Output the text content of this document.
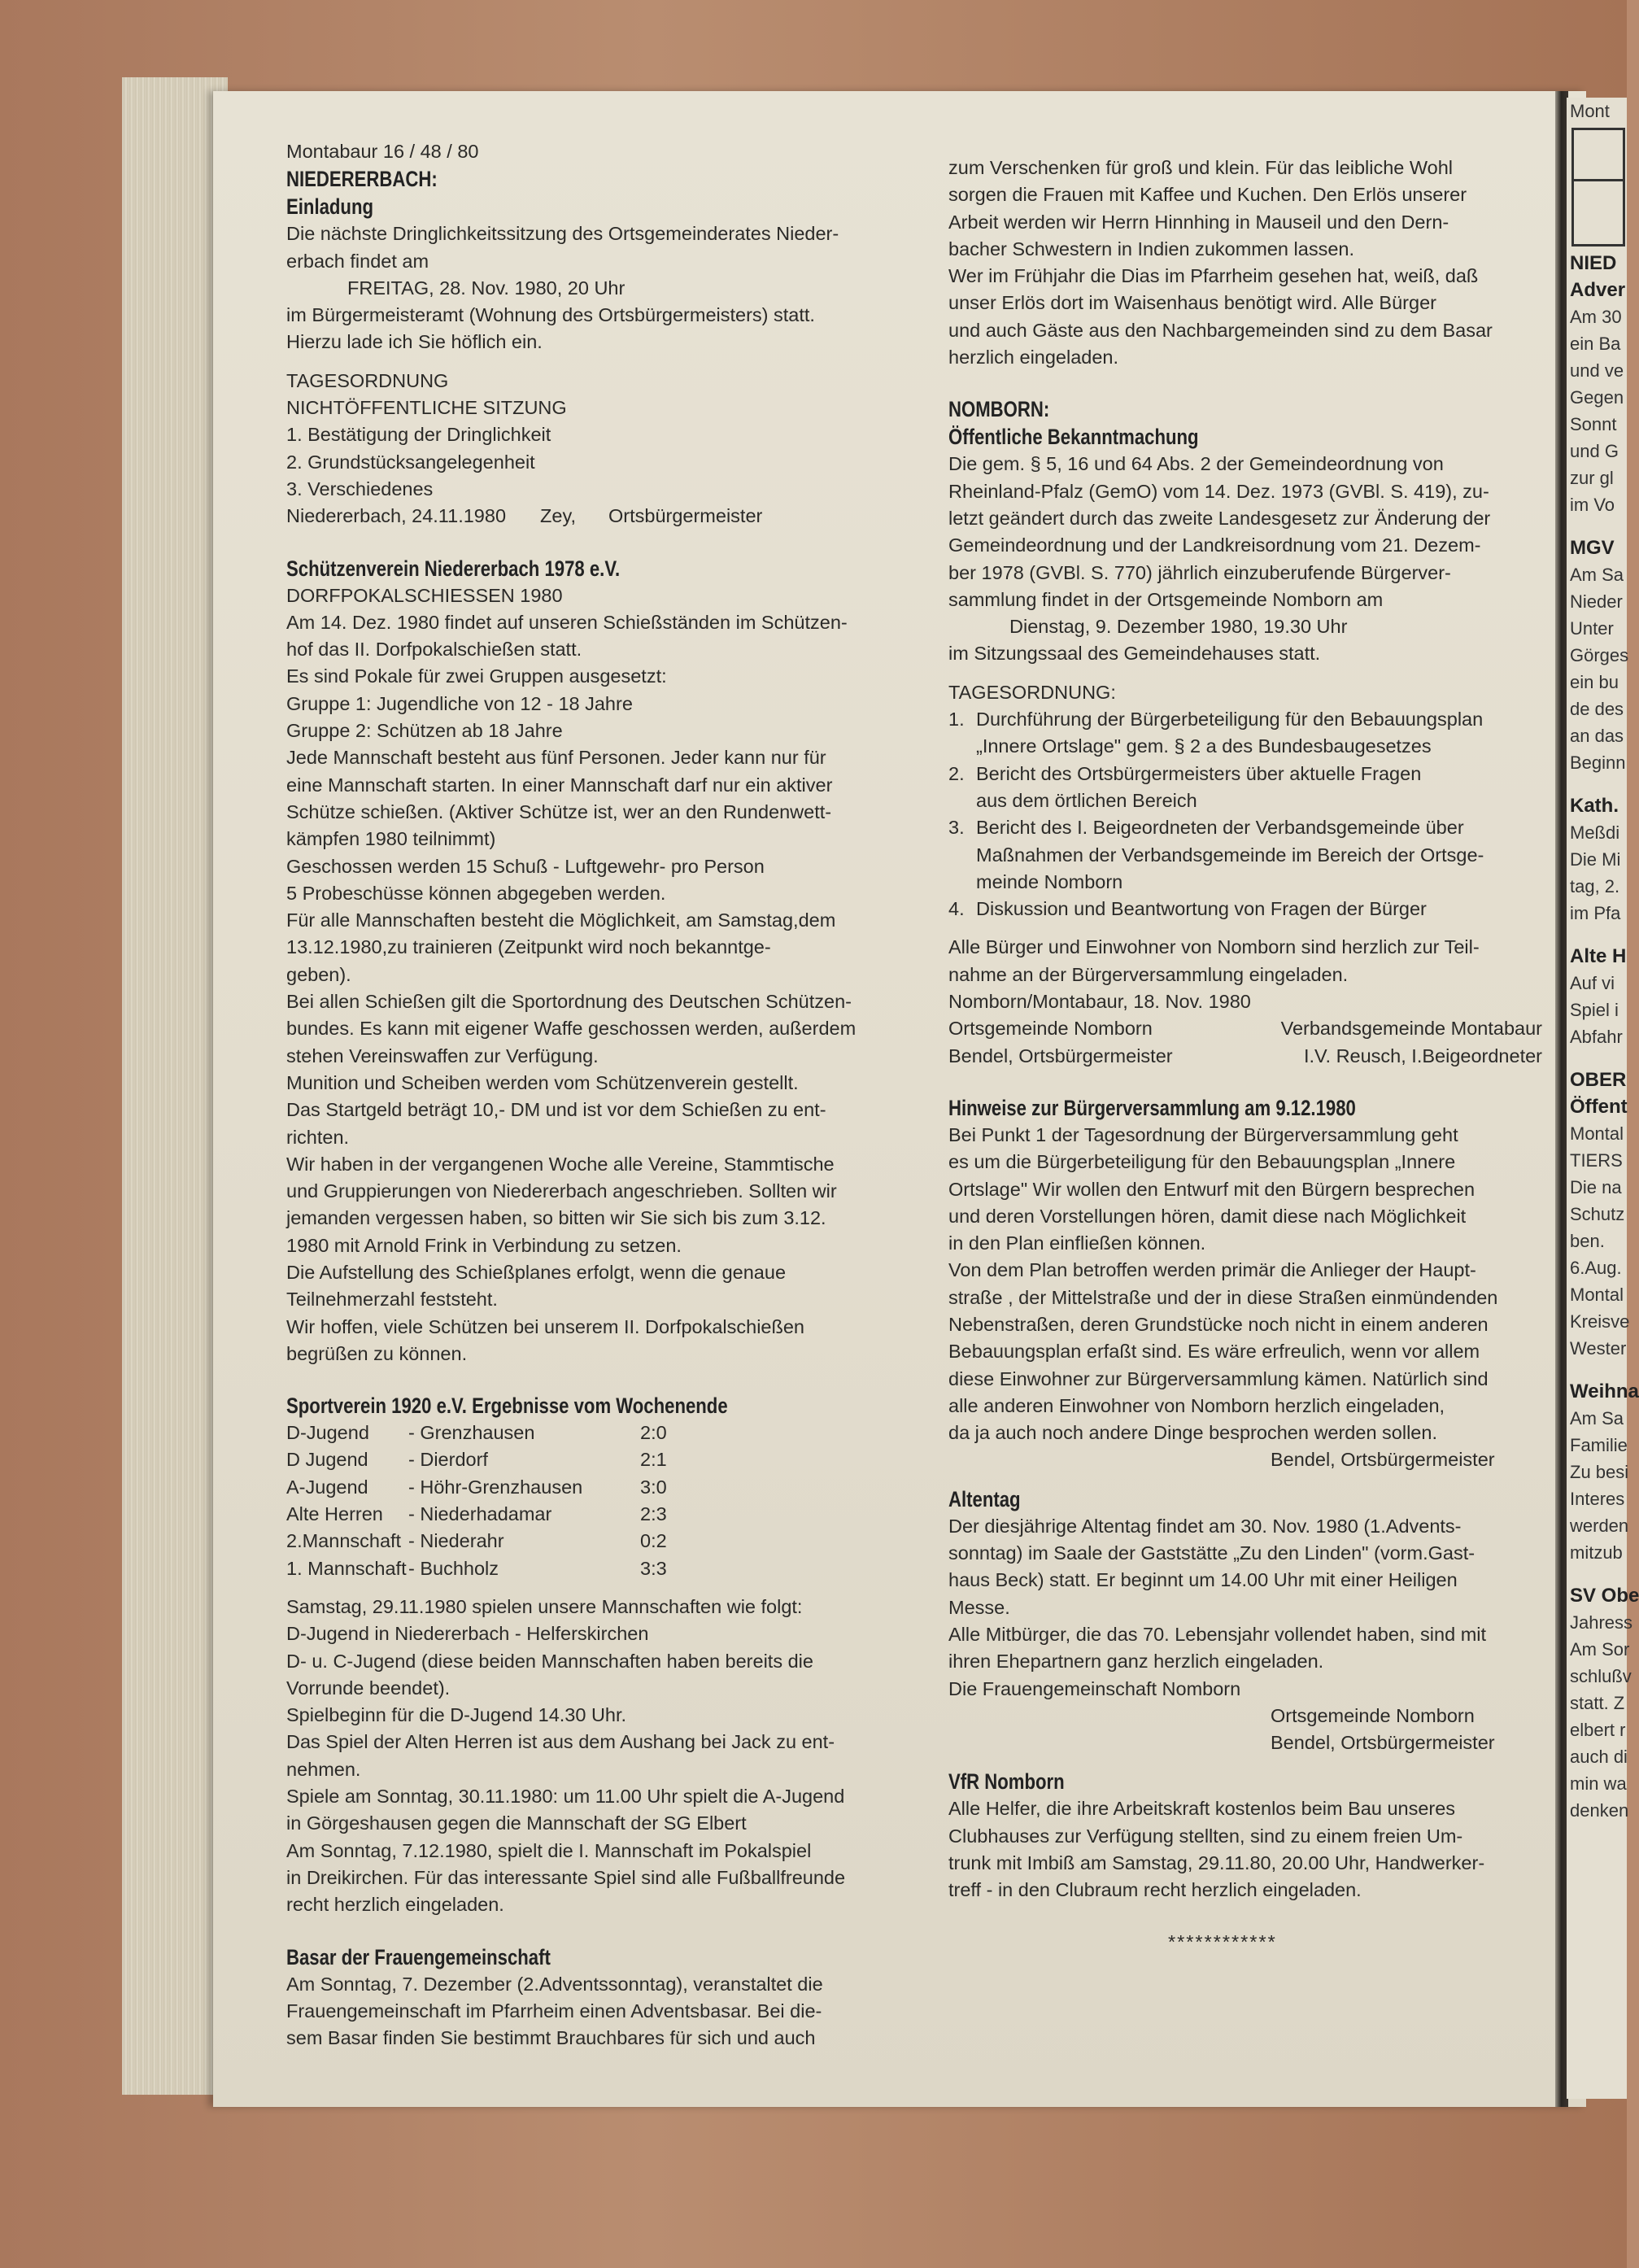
Mont
NIED
Adver
Am 30
ein Ba
und ve
Gegen
Sonnt
und G
zur gl
im Vo
MGV
Am Sa
Nieder
Unter
Görges
ein bu
de des
an das
Beginn
Kath.
Meßdi
Die Mi
tag, 2.
im Pfa
Alte H
Auf vi
Spiel i
Abfahr
OBER
Öffent
Montal
TIERS
Die na
Schutz
ben.
6.Aug.
Montal
Kreisve
Wester
Weihna
Am Sa
Familie
Zu besi
Interes
werden
mitzub
SV Obe
Jahress
Am Sor
schlußv
statt. Z
elbert r
auch di
min wa
denken

Montabaur 16 / 48 / 80

NIEDERERBACH:
Einladung

Die nächste Dringlichkeitssitzung des Ortsgemeinderates Nieder-

erbach findet am

FREITAG, 28. Nov. 1980, 20 Uhr

im Bürgermeisteramt (Wohnung des Ortsbürgermeisters) statt.

Hierzu lade ich Sie höflich ein.

TAGESORDNUNG

NICHTÖFFENTLICHE SITZUNG

1. Bestätigung der Dringlichkeit

2. Grundstücksangelegenheit

3. Verschiedenes

Niedererbach, 24.11.1980 Zey, Ortsbürgermeister

Schützenverein Niedererbach 1978 e.V.

DORFPOKALSCHIESSEN 1980

Am 14. Dez. 1980 findet auf unseren Schießständen im Schützen-

hof das II. Dorfpokalschießen statt.

Es sind Pokale für zwei Gruppen ausgesetzt:

Gruppe 1: Jugendliche von 12 - 18 Jahre

Gruppe 2: Schützen ab 18 Jahre

Jede Mannschaft besteht aus fünf Personen. Jeder kann nur für

eine Mannschaft starten. In einer Mannschaft darf nur ein aktiver

Schütze schießen. (Aktiver Schütze ist, wer an den Rundenwett-

kämpfen 1980 teilnimmt)

Geschossen werden 15 Schuß - Luftgewehr- pro Person

5 Probeschüsse können abgegeben werden.

Für alle Mannschaften besteht die Möglichkeit, am Samstag,dem

13.12.1980,zu trainieren (Zeitpunkt wird noch bekanntge-

geben).

Bei allen Schießen gilt die Sportordnung des Deutschen Schützen-

bundes. Es kann mit eigener Waffe geschossen werden, außerdem

stehen Vereinswaffen zur Verfügung.

Munition und Scheiben werden vom Schützenverein gestellt.

Das Startgeld beträgt 10,- DM und ist vor dem Schießen zu ent-

richten.

Wir haben in der vergangenen Woche alle Vereine, Stammtische

und Gruppierungen von Niedererbach angeschrieben. Sollten wir

jemanden vergessen haben, so bitten wir Sie sich bis zum 3.12.

1980 mit Arnold Frink in Verbindung zu setzen.

Die Aufstellung des Schießplanes erfolgt, wenn die genaue

Teilnehmerzahl feststeht.

Wir hoffen, viele Schützen bei unserem II. Dorfpokalschießen

begrüßen zu können.

Sportverein 1920 e.V. Ergebnisse vom Wochenende
D-Jugend	- Grenzhausen	2:0
D Jugend	- Dierdorf	2:1
A-Jugend	- Höhr-Grenzhausen	3:0
Alte Herren	- Niederhadamar	2:3
2.Mannschaft	- Niederahr	0:2
1. Mannschaft	- Buchholz	3:3

Samstag, 29.11.1980 spielen unsere Mannschaften wie folgt:

D-Jugend in Niedererbach - Helferskirchen

D- u. C-Jugend (diese beiden Mannschaften haben bereits die

Vorrunde beendet).

Spielbeginn für die D-Jugend 14.30 Uhr.

Das Spiel der Alten Herren ist aus dem Aushang bei Jack zu ent-

nehmen.

Spiele am Sonntag, 30.11.1980: um 11.00 Uhr spielt die A-Jugend

in Görgeshausen gegen die Mannschaft der SG Elbert

Am Sonntag, 7.12.1980, spielt die I. Mannschaft im Pokalspiel

in Dreikirchen. Für das interessante Spiel sind alle Fußballfreunde

recht herzlich eingeladen.

Basar der Frauengemeinschaft

Am Sonntag, 7. Dezember (2.Adventssonntag), veranstaltet die

Frauengemeinschaft im Pfarrheim einen Adventsbasar. Bei die-

sem Basar finden Sie bestimmt Brauchbares für sich und auch

zum Verschenken für groß und klein. Für das leibliche Wohl

sorgen die Frauen mit Kaffee und Kuchen. Den Erlös unserer

Arbeit werden wir Herrn Hinnhing in Mauseil und den Dern-

bacher Schwestern in Indien zukommen lassen.

Wer im Frühjahr die Dias im Pfarrheim gesehen hat, weiß, daß

unser Erlös dort im Waisenhaus benötigt wird. Alle Bürger

und auch Gäste aus den Nachbargemeinden sind zu dem Basar

herzlich eingeladen.

NOMBORN:
Öffentliche Bekanntmachung

Die gem. § 5, 16 und 64 Abs. 2 der Gemeindeordnung von

Rheinland-Pfalz (GemO) vom 14. Dez. 1973 (GVBl. S. 419), zu-

letzt geändert durch das zweite Landesgesetz zur Änderung der

Gemeindeordnung und der Landkreisordnung vom 21. Dezem-

ber 1978 (GVBl. S. 770) jährlich einzuberufende Bürgerver-

sammlung findet in der Ortsgemeinde Nomborn am

Dienstag, 9. Dezember 1980, 19.30 Uhr

im Sitzungssaal des Gemeindehauses statt.

TAGESORDNUNG:

1. Durchführung der Bürgerbeteiligung für den Bebauungsplan

„Innere Ortslage" gem. § 2 a des Bundesbaugesetzes

2. Bericht des Ortsbürgermeisters über aktuelle Fragen

aus dem örtlichen Bereich

3. Bericht des I. Beigeordneten der Verbandsgemeinde über

Maßnahmen der Verbandsgemeinde im Bereich der Ortsge-

meinde Nomborn

4. Diskussion und Beantwortung von Fragen der Bürger

Alle Bürger und Einwohner von Nomborn sind herzlich zur Teil-

nahme an der Bürgerversammlung eingeladen.

Nomborn/Montabaur, 18. Nov. 1980

Ortsgemeinde Nomborn	Verbandsgemeinde Montabaur

Bendel, Ortsbürgermeister	I.V. Reusch, I.Beigeordneter

Hinweise zur Bürgerversammlung am 9.12.1980

Bei Punkt 1 der Tagesordnung der Bürgerversammlung geht

es um die Bürgerbeteiligung für den Bebauungsplan „Innere

Ortslage" Wir wollen den Entwurf mit den Bürgern besprechen

und deren Vorstellungen hören, damit diese nach Möglichkeit

in den Plan einfließen können.

Von dem Plan betroffen werden primär die Anlieger der Haupt-

straße , der Mittelstraße und der in diese Straßen einmündenden

Nebenstraßen, deren Grundstücke noch nicht in einem anderen

Bebauungsplan erfaßt sind. Es wäre erfreulich, wenn vor allem

diese Einwohner zur Bürgerversammlung kämen. Natürlich sind

alle anderen Einwohner von Nomborn herzlich eingeladen,

da ja auch noch andere Dinge besprochen werden sollen.

Bendel, Ortsbürgermeister

Altentag

Der diesjährige Altentag findet am 30. Nov. 1980 (1.Advents-

sonntag) im Saale der Gaststätte „Zu den Linden" (vorm.Gast-

haus Beck) statt. Er beginnt um 14.00 Uhr mit einer Heiligen

Messe.

Alle Mitbürger, die das 70. Lebensjahr vollendet haben, sind mit

ihren Ehepartnern ganz herzlich eingeladen.

Die Frauengemeinschaft Nomborn

Ortsgemeinde Nomborn

Bendel, Ortsbürgermeister

VfR Nomborn

Alle Helfer, die ihre Arbeitskraft kostenlos beim Bau unseres

Clubhauses zur Verfügung stellten, sind zu einem freien Um-

trunk mit Imbiß am Samstag, 29.11.80, 20.00 Uhr, Handwerker-

treff - in den Clubraum recht herzlich eingeladen.

************
